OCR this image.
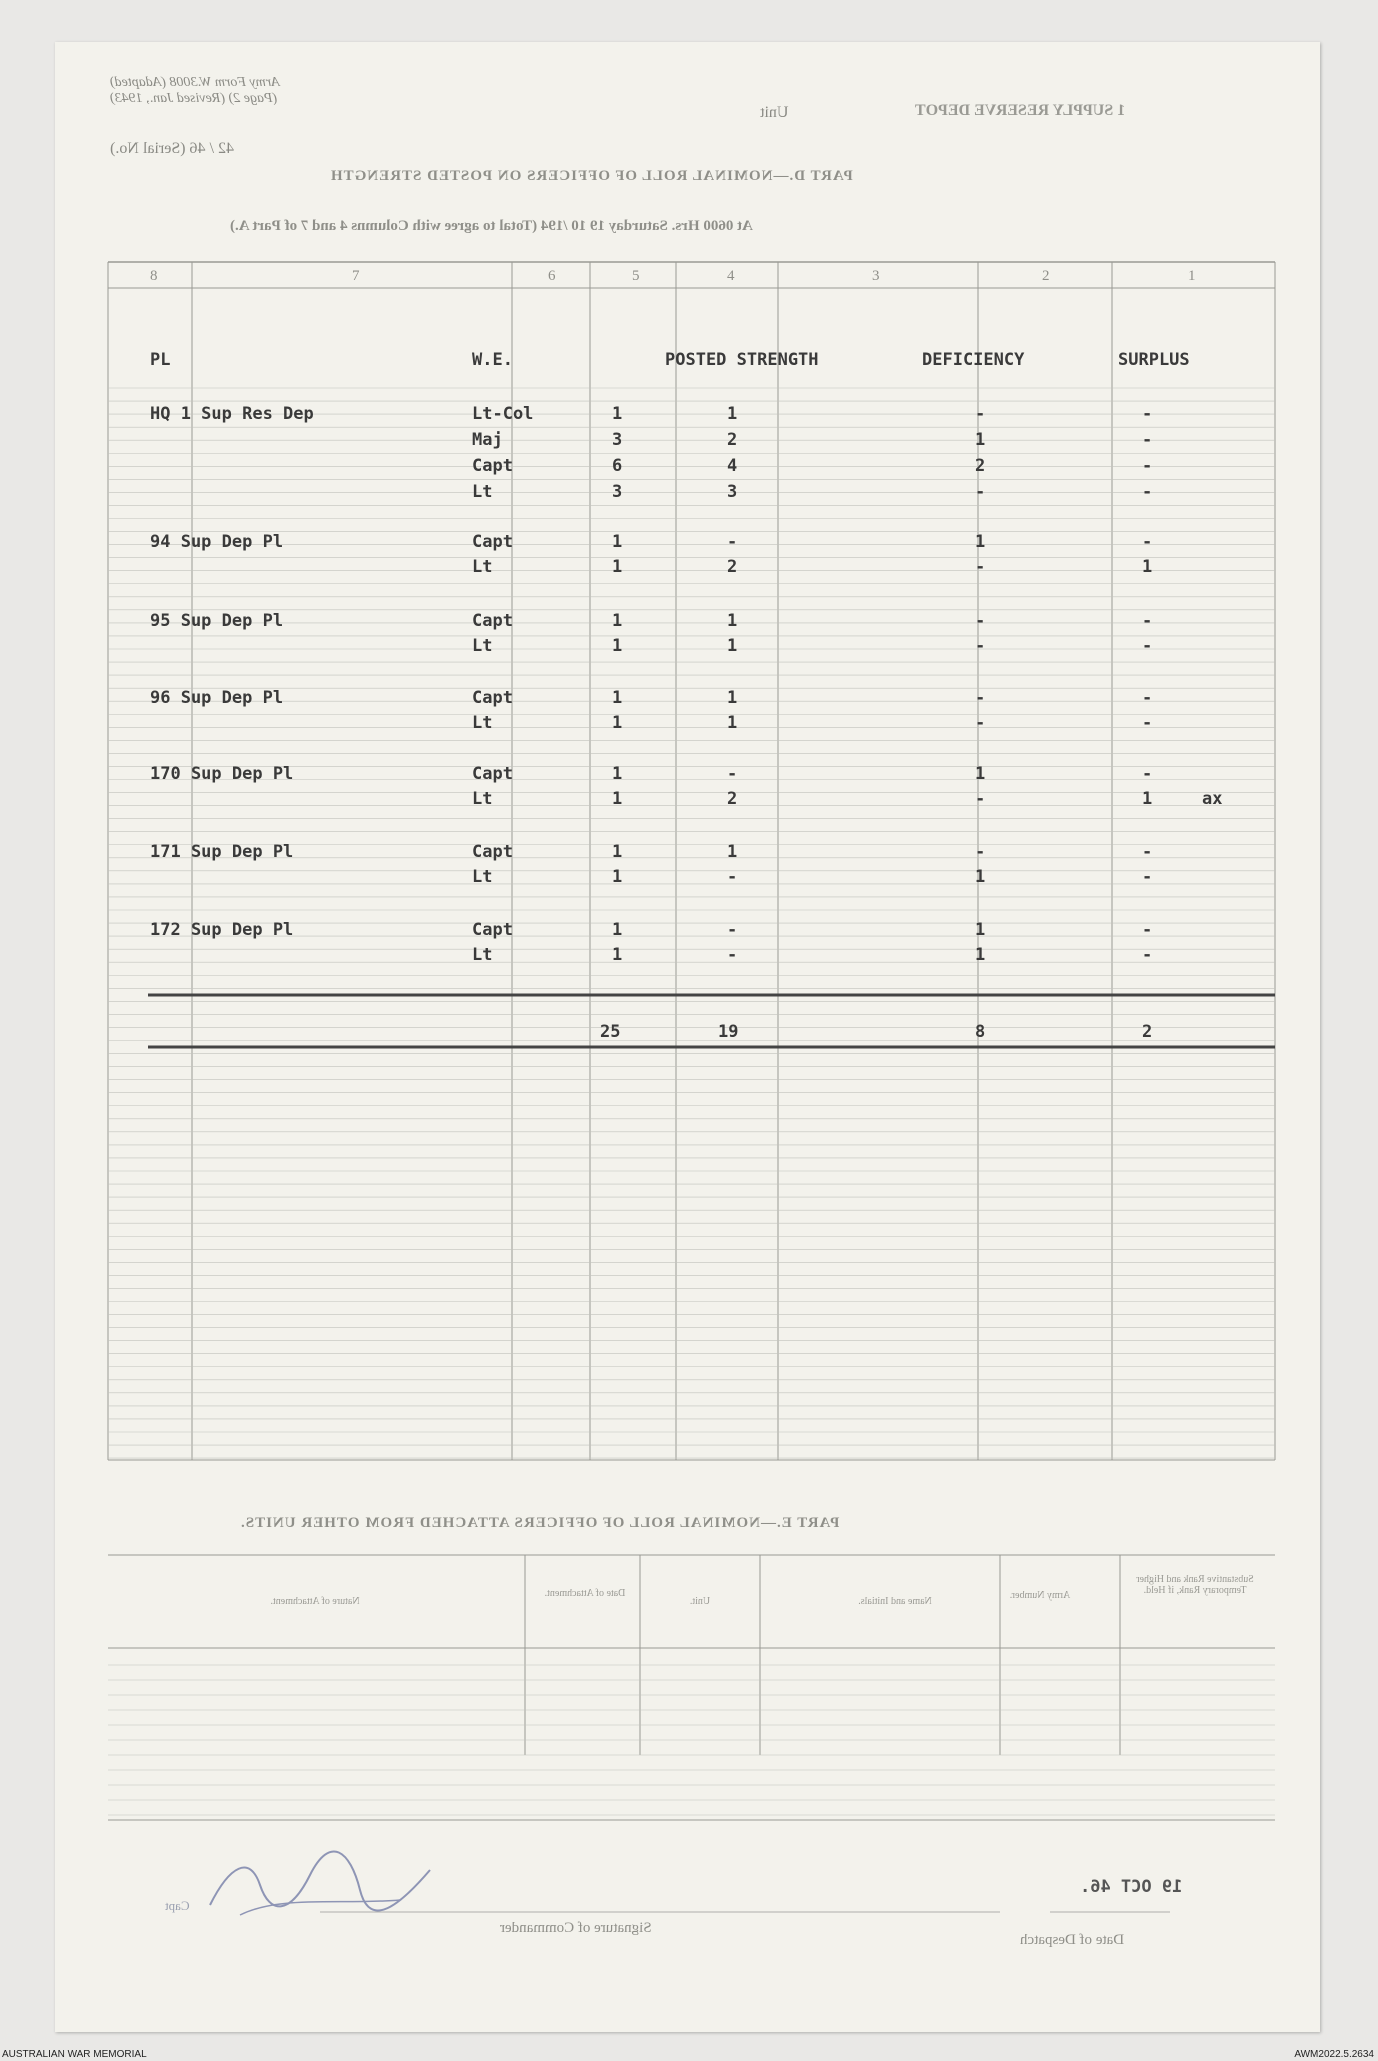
Army Form W.3008 (Adapted) (Page 2) (Revised Jan., 1943)
42 / 46 (Serial No.)
Unit	1 SUPPLY RESERVE DEPOT
PART D.—NOMINAL ROLL OF OFFICERS ON POSTED STRENGTH
At 0600 Hrs. Saturday 19 10 /194 (Total to agree with Columns 4 and 7 of Part A.)
8	7	6	5	4	3	2	1
PL	W.E.	POSTED STRENGTH	DEFICIENCY	SURPLUS
HQ 1 Sup Res Dep	Lt-Col	1	1	-	-
Maj	3	2	1	-
Capt	6	4	2	-
Lt	3	3	-	-
94 Sup Dep Pl	Capt	1	-	1	-
Lt	1	2	-	1
95 Sup Dep Pl	Capt	1	1	-	-
Lt	1	1	-	-
96 Sup Dep Pl	Capt	1	1	-	-
Lt	1	1	-	-
170 Sup Dep Pl	Capt	1	-	1	-
Lt	1	2	-	1	ax
171 Sup Dep Pl	Capt	1	1	-	-
Lt	1	-	1	-
172 Sup Dep Pl	Capt	1	-	1	-
Lt	1	-	1	-
25	19	8	2
PART E.—NOMINAL ROLL OF OFFICERS ATTACHED FROM OTHER UNITS.
Nature of Attachment.
Date of Attachment.
Unit.	Name and Initials.
Army Number.
Substantive Rank and Higher Temporary Rank, if Held.
19 OCT 46.
Date of Despatch
Signature of Commander
Capt
AUSTRALIAN WAR MEMORIAL	AWM2022.5.2634
